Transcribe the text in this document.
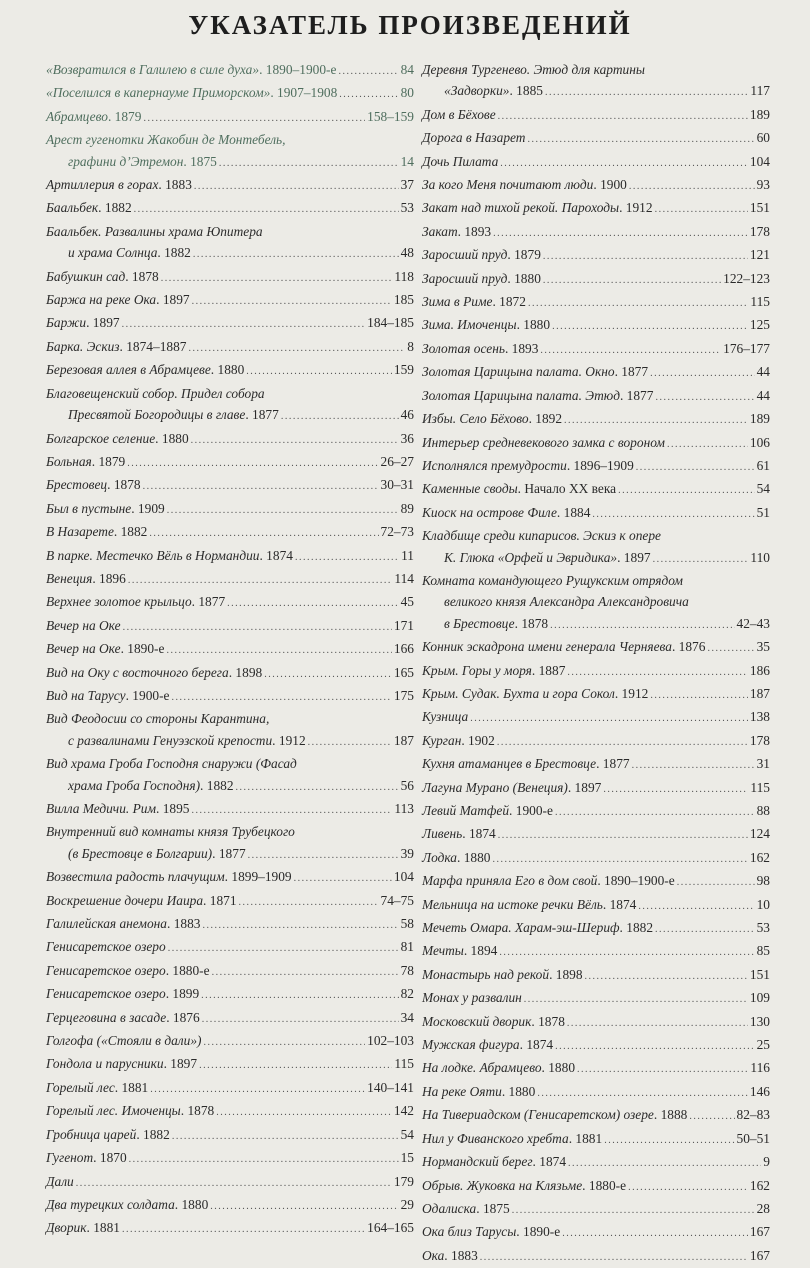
УКАЗАТЕЛЬ ПРОИЗВЕДЕНИЙ
«Возвратился в Галилею в силе духа». 1890–1900-е . . .	84
«Поселился в капернауме Приморском». 1907–1908 . . .	80
Абрамцево. 1879 . . .	158–159
Арест гугенотки Жакобин де Монтебель,
графини д’Этремон. 1875 . . .	14
Артиллерия в горах. 1883 . . .	37
Баальбек. 1882 . . .	53
Баальбек. Развалины храма Юпитера
и храма Солнца. 1882 . . .	48
Бабушкин сад. 1878 . . .	118
Баржа на реке Ока. 1897 . . .	185
Баржи. 1897 . . .	184–185
Барка. Эскиз. 1874–1887 . . .	8
Березовая аллея в Абрамцеве. 1880 . . .	159
Благовещенский собор. Придел собора
Пресвятой Богородицы в главе. 1877 . . .	46
Болгарское селение. 1880 . . .	36
Больная. 1879 . . .	26–27
Брестовец. 1878 . . .	30–31
Был в пустыне. 1909 . . .	89
В Назарете. 1882 . . .	72–73
В парке. Местечко Вёль в Нормандии. 1874 . . .	11
Венеция. 1896 . . .	114
Верхнее золотое крыльцо. 1877 . . .	45
Вечер на Оке . . .	171
Вечер на Оке. 1890-е . . .	166
Вид на Оку с восточного берега. 1898 . . .	165
Вид на Тарусу. 1900-е . . .	175
Вид Феодосии со стороны Карантина,
с развалинами Генуэзской крепости. 1912 . . .	187
Вид храма Гроба Господня снаружи (Фасад
храма Гроба Господня). 1882 . . .	56
Вилла Медичи. Рим. 1895 . . .	113
Внутренний вид комнаты князя Трубецкого
(в Брестовце в Болгарии). 1877 . . .	39
Возвестила радость плачущим. 1899–1909 . . .	104
Воскрешение дочери Иаира. 1871 . . .	74–75
Галилейская анемона. 1883 . . .	58
Генисаретское озеро . . .	81
Генисаретское озеро. 1880-е . . .	78
Генисаретское озеро. 1899 . . .	82
Герцеговина в засаде. 1876 . . .	34
Голгофа («Стояли в дали») . . .	102–103
Гондола и парусники. 1897 . . .	115
Горелый лес. 1881 . . .	140–141
Горелый лес. Имоченцы. 1878 . . .	142
Гробница царей. 1882 . . .	54
Гугенот. 1870 . . .	15
Дали . . .	179
Два турецких солдата. 1880 . . .	29
Дворик. 1881 . . .	164–165
Деревня Тургенево. Этюд для картины
«Задворки». 1885 . . .	117
Дом в Бёхове . . .	189
Дорога в Назарет . . .	60
Дочь Пилата . . .	104
За кого Меня почитают люди. 1900 . . .	93
Закат над тихой рекой. Пароходы. 1912 . . .	151
Закат. 1893 . . .	178
Заросший пруд. 1879 . . .	121
Заросший пруд. 1880 . . .	122–123
Зима в Риме. 1872 . . .	115
Зима. Имоченцы. 1880 . . .	125
Золотая осень. 1893 . . .	176–177
Золотая Царицына палата. Окно. 1877 . . .	44
Золотая Царицына палата. Этюд. 1877 . . .	44
Избы. Село Бёхово. 1892 . . .	189
Интерьер средневекового замка с вороном . . .	106
Исполнялся премудрости. 1896–1909 . . .	61
Каменные своды. Начало XX века . . .	54
Киоск на острове Филе. 1884 . . .	51
Кладбище среди кипарисов. Эскиз к опере
К. Глюка «Орфей и Эвридика». 1897 . . .	110
Комната командующего Рущукским отрядом
великого князя Александра Александровича
в Брестовце. 1878 . . .	42–43
Конник эскадрона имени генерала Черняева. 1876 . . .	35
Крым. Горы у моря. 1887 . . .	186
Крым. Судак. Бухта и гора Сокол. 1912 . . .	187
Кузница . . .	138
Курган. 1902 . . .	178
Кухня атаманцев в Брестовце. 1877 . . .	31
Лагуна Мурано (Венеция). 1897 . . .	115
Левий Матфей. 1900-е . . .	88
Ливень. 1874 . . .	124
Лодка. 1880 . . .	162
Марфа приняла Его в дом свой. 1890–1900-е . . .	98
Мельница на истоке речки Вёль. 1874 . . .	10
Мечеть Омара. Харам-эш-Шериф. 1882 . . .	53
Мечты. 1894 . . .	85
Монастырь над рекой. 1898 . . .	151
Монах у развалин . . .	109
Московский дворик. 1878 . . .	130
Мужская фигура. 1874 . . .	25
На лодке. Абрамцево. 1880 . . .	116
На реке Ояти. 1880 . . .	146
На Тивериадском (Генисаретском) озере. 1888 . . .	82–83
Нил у Фиванского хребта. 1881 . . .	50–51
Нормандский берег. 1874 . . .	9
Обрыв. Жуковка на Клязьме. 1880-е . . .	162
Одалиска. 1875 . . .	28
Ока близ Тарусы. 1890-е . . .	167
Ока. 1883 . . .	167
